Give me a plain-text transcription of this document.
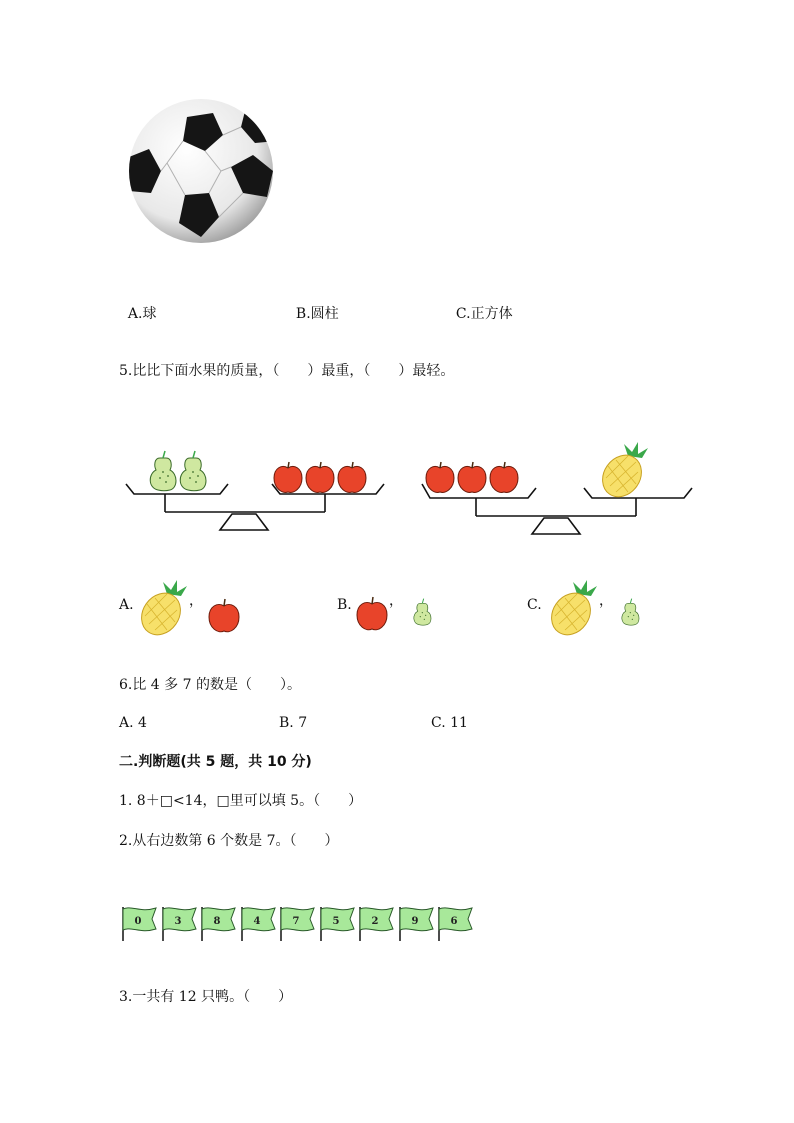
A.球	B.圆柱	C.正方体

5.比比下面水果的质量，（　　）最重，（　　）最轻。
A.	，	B.	，	C.	，
6.比 4 多 7 的数是（　　）。
A. 4	B. 7	C. 11
二.判断题(共 5 题，共 10 分)
1. 8＋□<14，□里可以填 5。（　　）
2.从右边数第 6 个数是 7。（　　）
0	3	8	4	7	5	2	9	6
3.一共有 12 只鸭。（　　）
